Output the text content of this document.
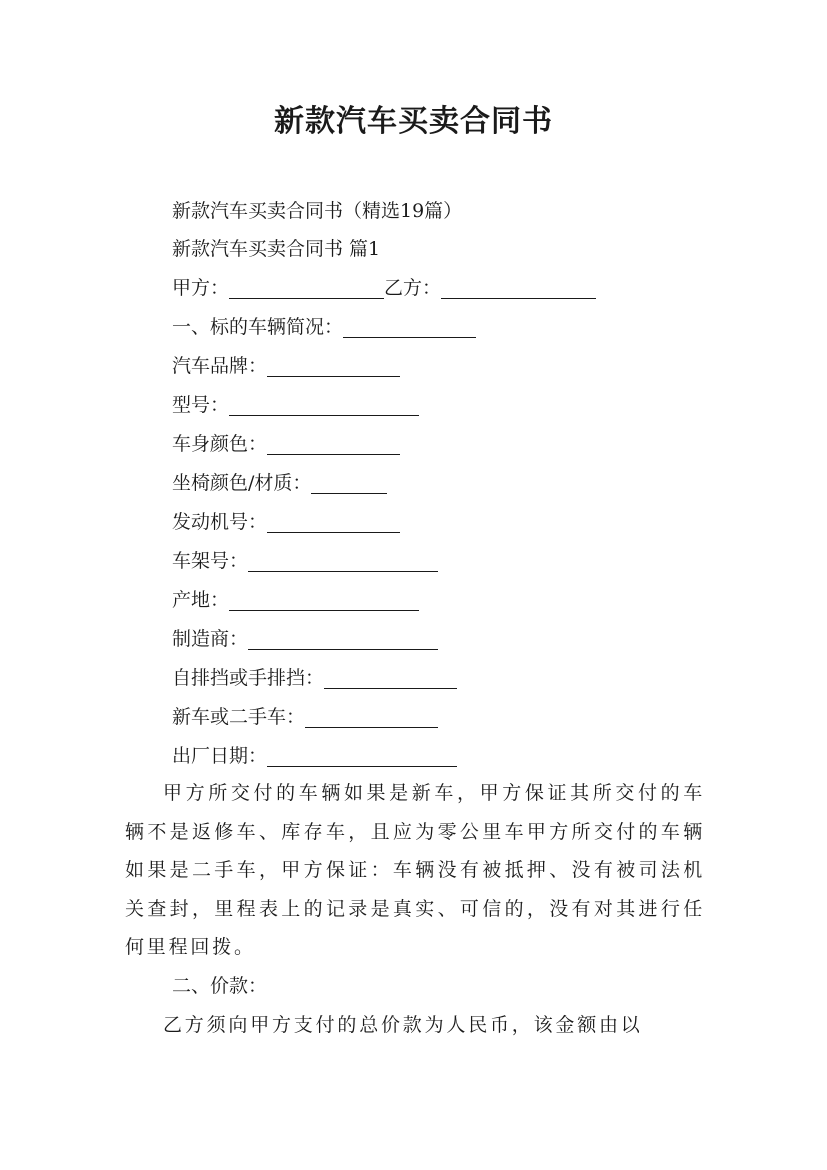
新款汽车买卖合同书
新款汽车买卖合同书（精选19篇）
新款汽车买卖合同书 篇1
甲方：	乙方：
一、标的车辆简况：
汽车品牌：
型号：
车身颜色：
坐椅颜色/材质：
发动机号：
车架号：
产地：
制造商：
自排挡或手排挡：
新车或二手车：
出厂日期：
甲方所交付的车辆如果是新车，甲方保证其所交付的车辆不是返修车、库存车，且应为零公里车甲方所交付的车辆如果是二手车，甲方保证：车辆没有被抵押、没有被司法机关查封，里程表上的记录是真实、可信的，没有对其进行任何里程回拨。
二、价款：
乙方须向甲方支付的总价款为人民币，该金额由以
